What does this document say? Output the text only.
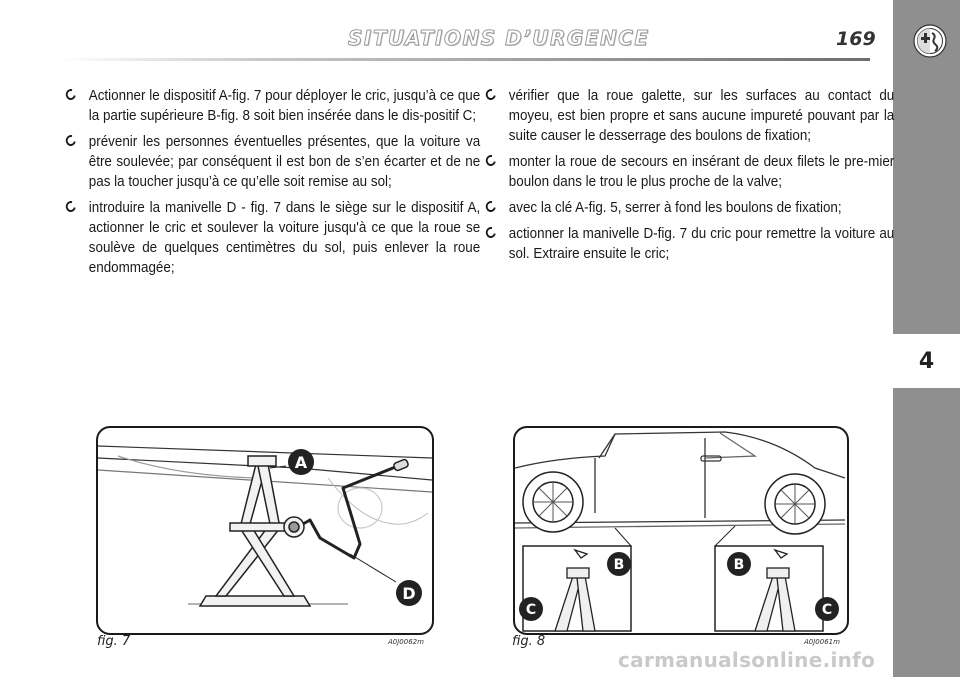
SITUATIONS D’URGENCE	169
4
Actionner le dispositif A-fig. 7 pour déployer le cric, jusqu’à ce que la partie supérieure B-fig. 8 soit bien insérée dans le dis-positif C;
prévenir les personnes éventuelles présentes, que la voiture va être soulevée; par conséquent il est bon de s’en écarter et de ne pas la toucher jusqu’à ce qu’elle soit remise au sol;
introduire la manivelle D - fig. 7 dans le siège sur le dispositif A, actionner le cric et soulever la voiture jusqu'à ce que la roue se soulève de quelques centimètres du sol, puis enlever la roue endommagée;
vérifier que la roue galette, sur les surfaces au contact du moyeu, est bien propre et sans aucune impureté pouvant par la suite causer le desserrage des boulons de fixation;
monter la roue de secours en insérant de deux filets le pre-mier boulon dans le trou le plus proche de la valve;
avec la clé A-fig. 5, serrer à fond les boulons de fixation;
actionner la manivelle D-fig. 7 du cric pour remettre la voiture au sol. Extraire ensuite le cric;
A
D
fig. 7	A0J0062m
B
C
B
C
fig. 8	A0J0061m
carmanualsonline.info
